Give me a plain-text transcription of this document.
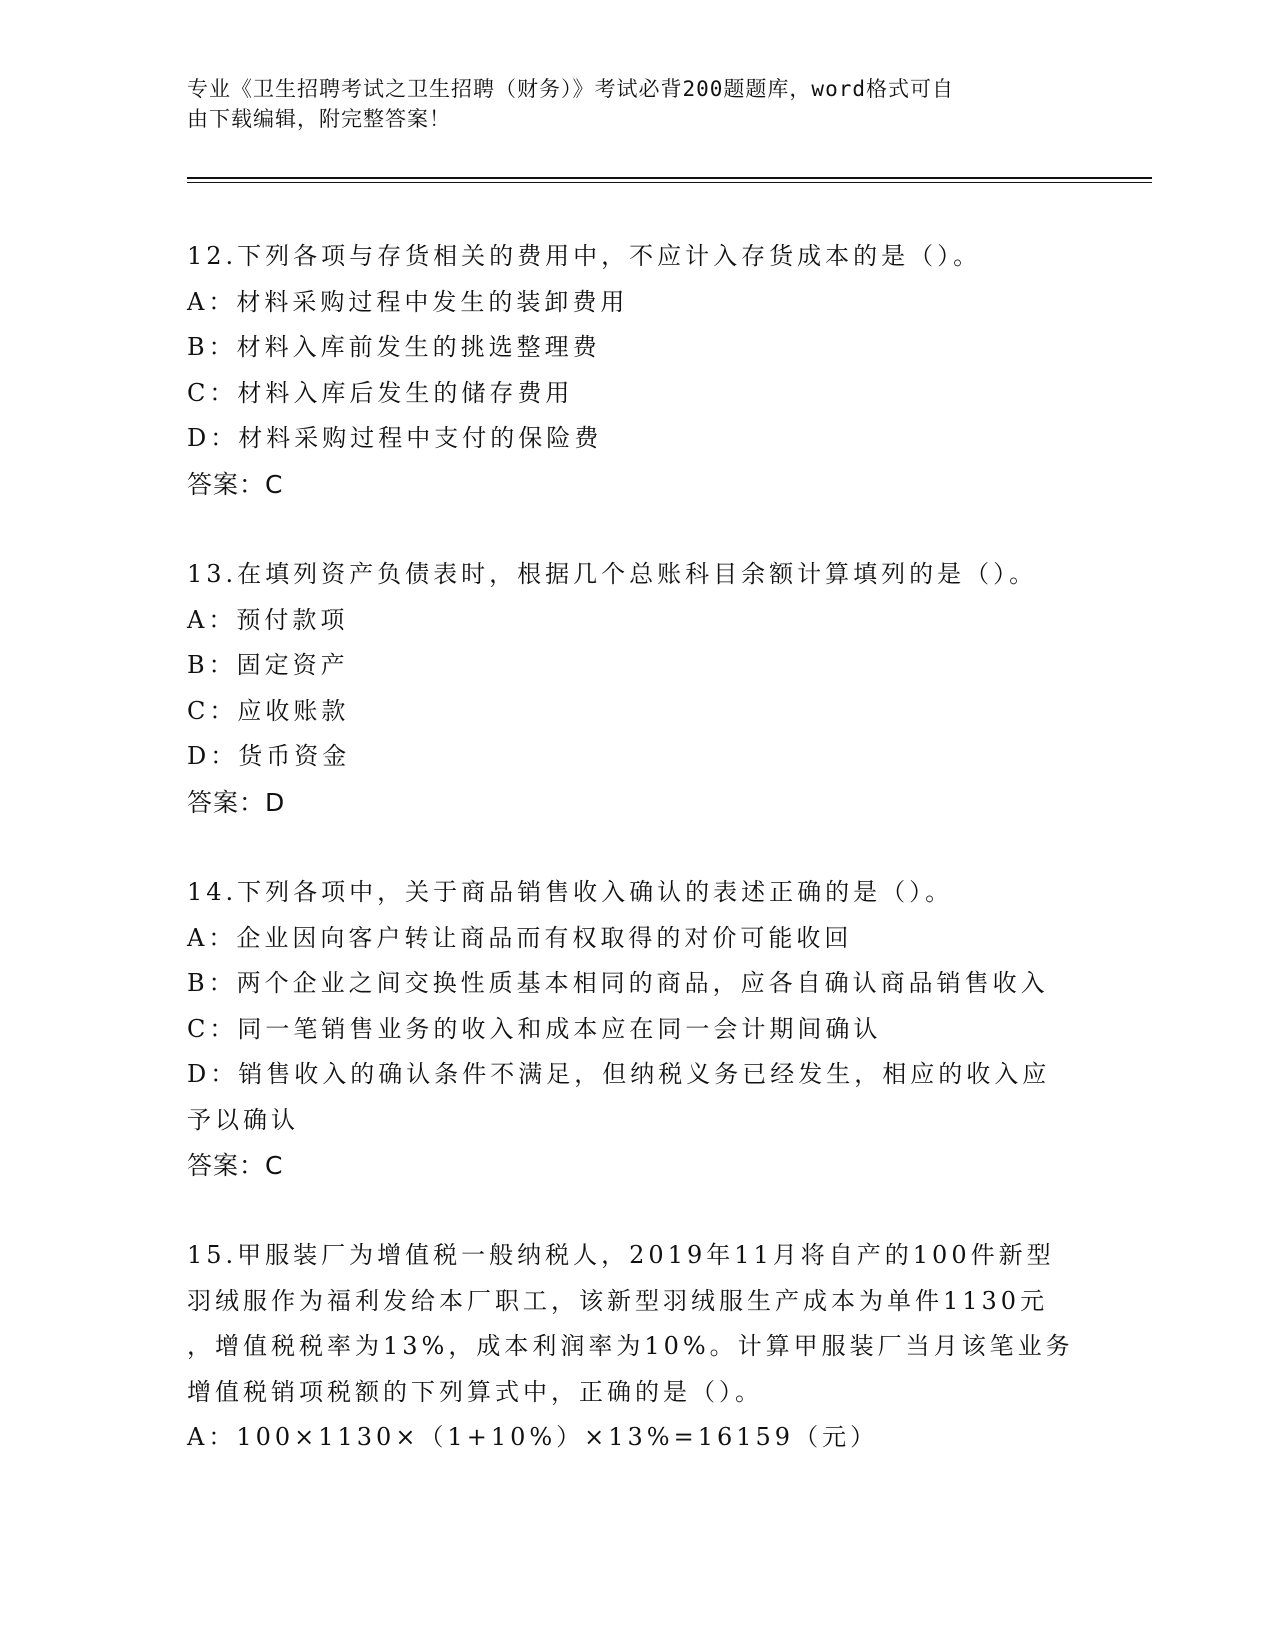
专业《卫生招聘考试之卫生招聘（财务）》考试必背200题题库，word格式可自
由下载编辑，附完整答案！
12.下列各项与存货相关的费用中，不应计入存货成本的是（）。
A：材料采购过程中发生的装卸费用
B：材料入库前发生的挑选整理费
C：材料入库后发生的储存费用
D：材料采购过程中支付的保险费
答案：C
13.在填列资产负债表时，根据几个总账科目余额计算填列的是（）。
A：预付款项
B：固定资产
C：应收账款
D：货币资金
答案：D
14.下列各项中，关于商品销售收入确认的表述正确的是（）。
A：企业因向客户转让商品而有权取得的对价可能收回
B：两个企业之间交换性质基本相同的商品，应各自确认商品销售收入
C：同一笔销售业务的收入和成本应在同一会计期间确认
D：销售收入的确认条件不满足，但纳税义务已经发生，相应的收入应
予以确认
答案：C
15.甲服装厂为增值税一般纳税人，2019年11月将自产的100件新型
羽绒服作为福利发给本厂职工，该新型羽绒服生产成本为单件1130元
，增值税税率为13%，成本利润率为10%。计算甲服装厂当月该笔业务
增值税销项税额的下列算式中，正确的是（）。
A：100×1130×（1+10%）×13%=16159（元）
